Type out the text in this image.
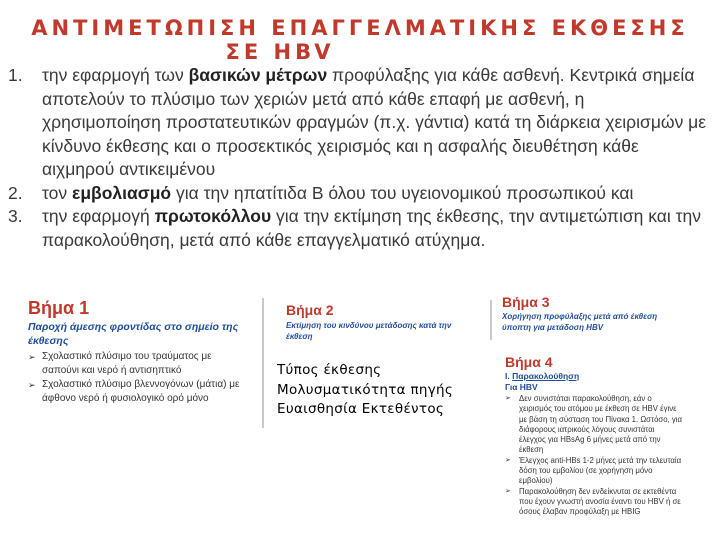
ΑΝΤΙΜΕΤΩΠΙΣΗ ΕΠΑΓΓΕΛΜΑΤΙΚΗΣ ΕΚΘΕΣΗΣ
ΣΕ HBV
1. την εφαρμογή των βασικών μέτρων προφύλαξης για κάθε ασθενή. Κεντρικά σημεία αποτελούν το πλύσιμο των χεριών μετά από κάθε επαφή με ασθενή, η χρησιμοποίηση προστατευτικών φραγμών (π.χ. γάντια) κατά τη διάρκεια χειρισμών με κίνδυνο έκθεσης και ο προσεκτικός χειρισμός και η ασφαλής διευθέτηση κάθε αιχμηρού αντικειμένου
2. τον εμβολιασμό για την ηπατίτιδα Β όλου του υγειονομικού προσωπικού και
3. την εφαρμογή πρωτοκόλλου για την εκτίμηση της έκθεσης, την αντιμετώπιση και την παρακολούθηση, μετά από κάθε επαγγελματικό ατύχημα.
Βήμα 1
Παροχή άμεσης φροντίδας στο σημείο της έκθεσης
➢ Σχολαστικό πλύσιμο του τραύματος με σαπούνι και νερό ή αντισηπτικό
➢ Σχολαστικό πλύσιμο βλεννογόνων (μάτια) με άφθονο νερό ή φυσιολογικό ορό μόνο
Βήμα 2
Εκτίμηση του κινδύνου μετάδοσης κατά την έκθεση
Βήμα 3
Χορήγηση προφύλαξης μετά από έκθεση ύποπτη για μετάδοση HBV
Βήμα 4
I. Παρακολούθηση
Για HBV
➢ Δεν συνιστάται παρακολούθηση, εάν ο χειρισμός του ατόμου με έκθεση σε HBV έγινε με βάση τη σύσταση του Πίνακα 1. Ωστόσο, για διάφορους ιατρικούς λόγους συνιστάται έλεγχος για HBsAg 6 μήνες μετά από την έκθεση
➢ Έλεγχος anti-HBs 1-2 μήνες μετά την τελευταία δόση του εμβολίου (σε χορήγηση μόνο εμβολίου)
➢ Παρακολούθηση δεν ενδείκνυται σε εκτεθέντα που έχουν γνωστή ανοσία έναντι του HBV ή σε όσους έλαβαν προφύλαξη με HBIG
Τύπος έκθεσης
Μολυσματικότητα πηγής
Ευαισθησία Εκτεθέντος
